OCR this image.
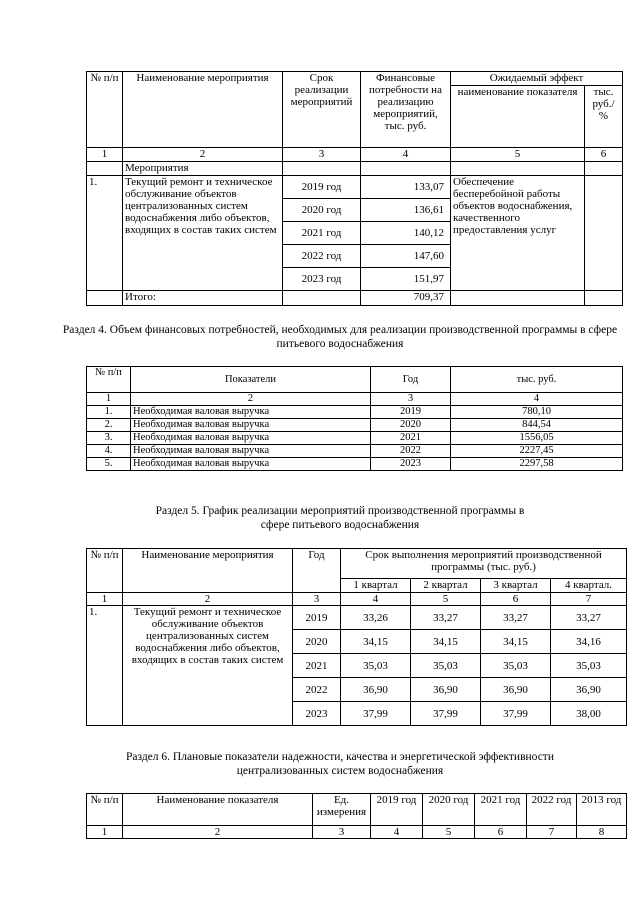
№ п/п	Наименование мероприятия	Срок реализации мероприятий	Финансовые потребности на реализацию мероприятий, тыс. руб.	Ожидаемый эффект	
				наименование показателя	тыс. руб./ %
1	2	3	4	5	6
	Мероприятия				
1.	Текущий ремонт и техническое обслуживание объектов централизованных систем водоснабжения либо объектов, входящих в состав таких систем	2019 год	133,07	Обеспечение бесперебойной работы объектов водоснабжения, качественного предоставления услуг	
		2020 год	136,61		
		2021 год	140,12		
		2022 год	147,60		
		2023 год	151,97		
	Итого:		709,37		
Раздел 4. Объем финансовых потребностей, необходимых для реализации производственной программы в сфере питьевого водоснабжения
№ п/п	Показатели	Год	тыс. руб.
1	2	3	4
1.	Необходимая валовая выручка	2019	780,10
2.	Необходимая валовая выручка	2020	844,54
3.	Необходимая валовая выручка	2021	1556,05
4.	Необходимая валовая выручка	2022	2227,45
5.	Необходимая валовая выручка	2023	2297,58
Раздел 5. График реализации мероприятий производственной программы в сфере питьевого водоснабжения
№ п/п	Наименование мероприятия	Год	Срок выполнения мероприятий производственной программы (тыс. руб.)			
			1 квартал	2 квартал	3 квартал	4 квартал.
1	2	3	4	5	6	7
1.	Текущий ремонт и техническое обслуживание объектов централизованных систем водоснабжения либо объектов, входящих в состав таких систем	2019	33,26	33,27	33,27	33,27
		2020	34,15	34,15	34,15	34,16
		2021	35,03	35,03	35,03	35,03
		2022	36,90	36,90	36,90	36,90
		2023	37,99	37,99	37,99	38,00
Раздел 6. Плановые показатели надежности, качества и энергетической эффективности централизованных систем водоснабжения
№ п/п	Наименование показателя	Ед. измерения	2019 год	2020 год	2021 год	2022 год	2013 год
1	2	3	4	5	6	7	8
